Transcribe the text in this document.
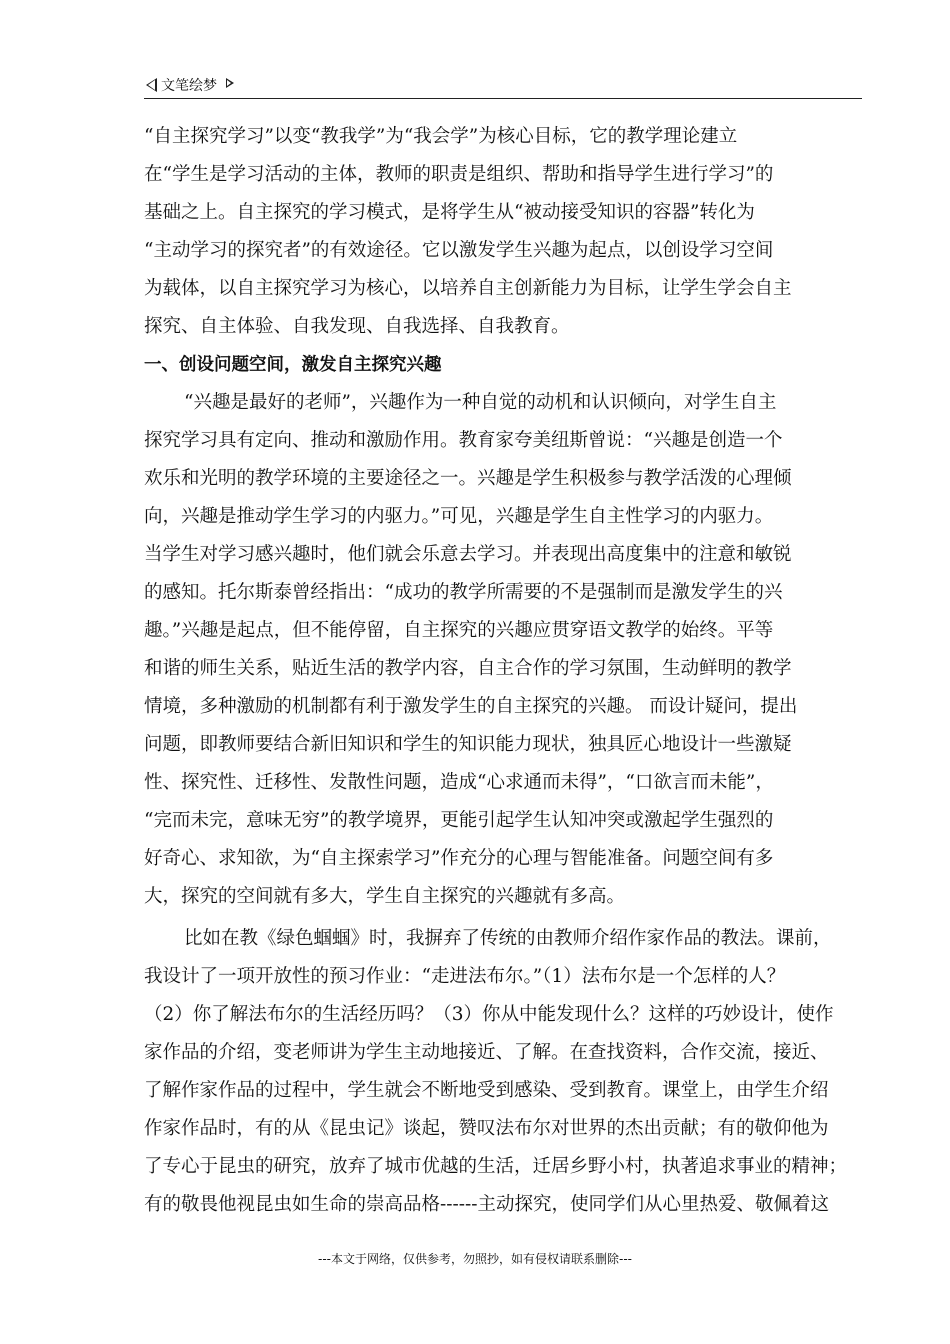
文笔绘梦
“自主探究学习”以变“教我学”为“我会学”为核心目标，它的教学理论建立
在“学生是学习活动的主体，教师的职责是组织、帮助和指导学生进行学习”的
基础之上。自主探究的学习模式，是将学生从“被动接受知识的容器”转化为
“主动学习的探究者”的有效途径。它以激发学生兴趣为起点，以创设学习空间
为载体，以自主探究学习为核心，以培养自主创新能力为目标，让学生学会自主
探究、自主体验、自我发现、自我选择、自我教育。
一、创设问题空间，激发自主探究兴趣
“兴趣是最好的老师”，兴趣作为一种自觉的动机和认识倾向，对学生自主
探究学习具有定向、推动和激励作用。教育家夸美纽斯曾说：“兴趣是创造一个
欢乐和光明的教学环境的主要途径之一。兴趣是学生积极参与教学活泼的心理倾
向，兴趣是推动学生学习的内驱力。”可见，兴趣是学生自主性学习的内驱力。
当学生对学习感兴趣时，他们就会乐意去学习。并表现出高度集中的注意和敏锐
的感知。托尔斯泰曾经指出：“成功的教学所需要的不是强制而是激发学生的兴
趣。”兴趣是起点，但不能停留，自主探究的兴趣应贯穿语文教学的始终。平等
和谐的师生关系，贴近生活的教学内容，自主合作的学习氛围，生动鲜明的教学
情境，多种激励的机制都有利于激发学生的自主探究的兴趣。 而设计疑问，提出
问题，即教师要结合新旧知识和学生的知识能力现状，独具匠心地设计一些激疑
性、探究性、迁移性、发散性问题，造成“心求通而未得”，“口欲言而未能”，
“完而未完，意味无穷”的教学境界，更能引起学生认知冲突或激起学生强烈的
好奇心、求知欲，为“自主探索学习”作充分的心理与智能准备。问题空间有多
大，探究的空间就有多大，学生自主探究的兴趣就有多高。
比如在教《绿色蝈蝈》时，我摒弃了传统的由教师介绍作家作品的教法。课前，
我设计了一项开放性的预习作业：“走进法布尔。”（1）法布尔是一个怎样的人？
（2）你了解法布尔的生活经历吗？（3）你从中能发现什么？这样的巧妙设计，使作
家作品的介绍，变老师讲为学生主动地接近、了解。在查找资料，合作交流，接近、
了解作家作品的过程中，学生就会不断地受到感染、受到教育。课堂上，由学生介绍
作家作品时，有的从《昆虫记》谈起，赞叹法布尔对世界的杰出贡献；有的敬仰他为
了专心于昆虫的研究，放弃了城市优越的生活，迁居乡野小村，执著追求事业的精神；
有的敬畏他视昆虫如生命的崇高品格------主动探究，使同学们从心里热爱、敬佩着这
---本文于网络，仅供参考，勿照抄，如有侵权请联系删除---
